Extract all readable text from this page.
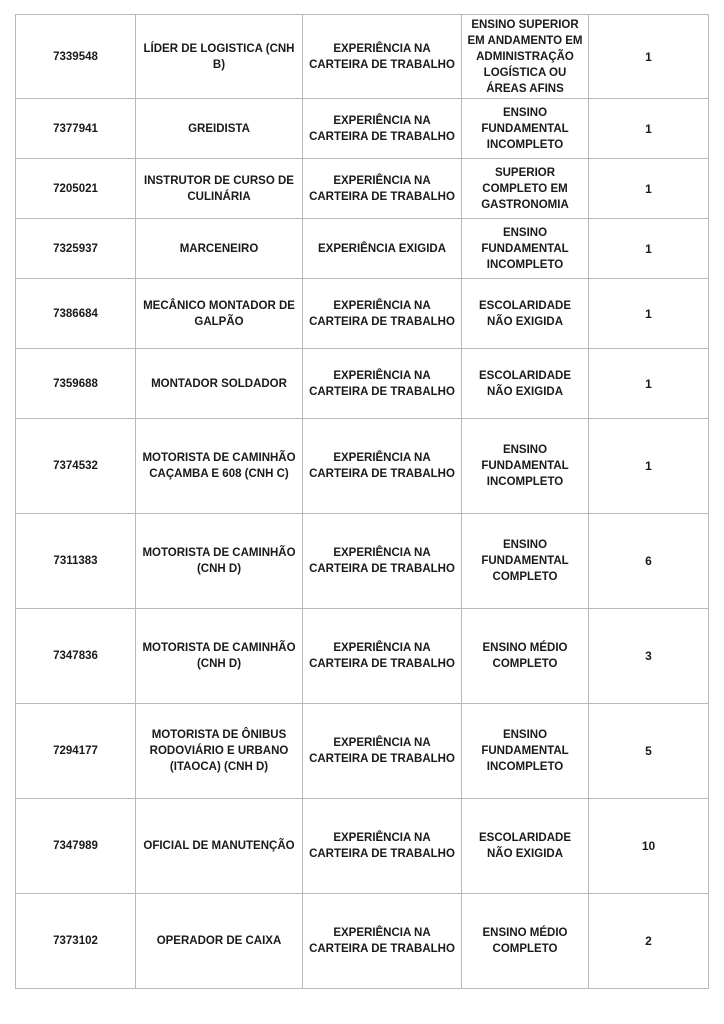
7339548	LÍDER DE LOGISTICA (CNH B)	EXPERIÊNCIA NA CARTEIRA DE TRABALHO	ENSINO SUPERIOR EM ANDAMENTO EM ADMINISTRAÇÃO LOGÍSTICA OU ÁREAS AFINS	1
7377941	GREIDISTA	EXPERIÊNCIA NA CARTEIRA DE TRABALHO	ENSINO FUNDAMENTAL INCOMPLETO	1
7205021	INSTRUTOR DE CURSO DE CULINÁRIA	EXPERIÊNCIA NA CARTEIRA DE TRABALHO	SUPERIOR COMPLETO EM GASTRONOMIA	1
7325937	MARCENEIRO	EXPERIÊNCIA EXIGIDA	ENSINO FUNDAMENTAL INCOMPLETO	1
7386684	MECÂNICO MONTADOR DE GALPÃO	EXPERIÊNCIA NA CARTEIRA DE TRABALHO	ESCOLARIDADE NÃO EXIGIDA	1
7359688	MONTADOR SOLDADOR	EXPERIÊNCIA NA CARTEIRA DE TRABALHO	ESCOLARIDADE NÃO EXIGIDA	1
7374532	MOTORISTA DE CAMINHÃO CAÇAMBA E 608 (CNH C)	EXPERIÊNCIA NA CARTEIRA DE TRABALHO	ENSINO FUNDAMENTAL INCOMPLETO	1
7311383	MOTORISTA DE CAMINHÃO (CNH D)	EXPERIÊNCIA NA CARTEIRA DE TRABALHO	ENSINO FUNDAMENTAL COMPLETO	6
7347836	MOTORISTA DE CAMINHÃO (CNH D)	EXPERIÊNCIA NA CARTEIRA DE TRABALHO	ENSINO MÉDIO COMPLETO	3
7294177	MOTORISTA DE ÔNIBUS RODOVIÁRIO E URBANO (ITAOCA) (CNH D)	EXPERIÊNCIA NA CARTEIRA DE TRABALHO	ENSINO FUNDAMENTAL INCOMPLETO	5
7347989	OFICIAL DE MANUTENÇÃO	EXPERIÊNCIA NA CARTEIRA DE TRABALHO	ESCOLARIDADE NÃO EXIGIDA	10
7373102	OPERADOR DE CAIXA	EXPERIÊNCIA NA CARTEIRA DE TRABALHO	ENSINO MÉDIO COMPLETO	2
